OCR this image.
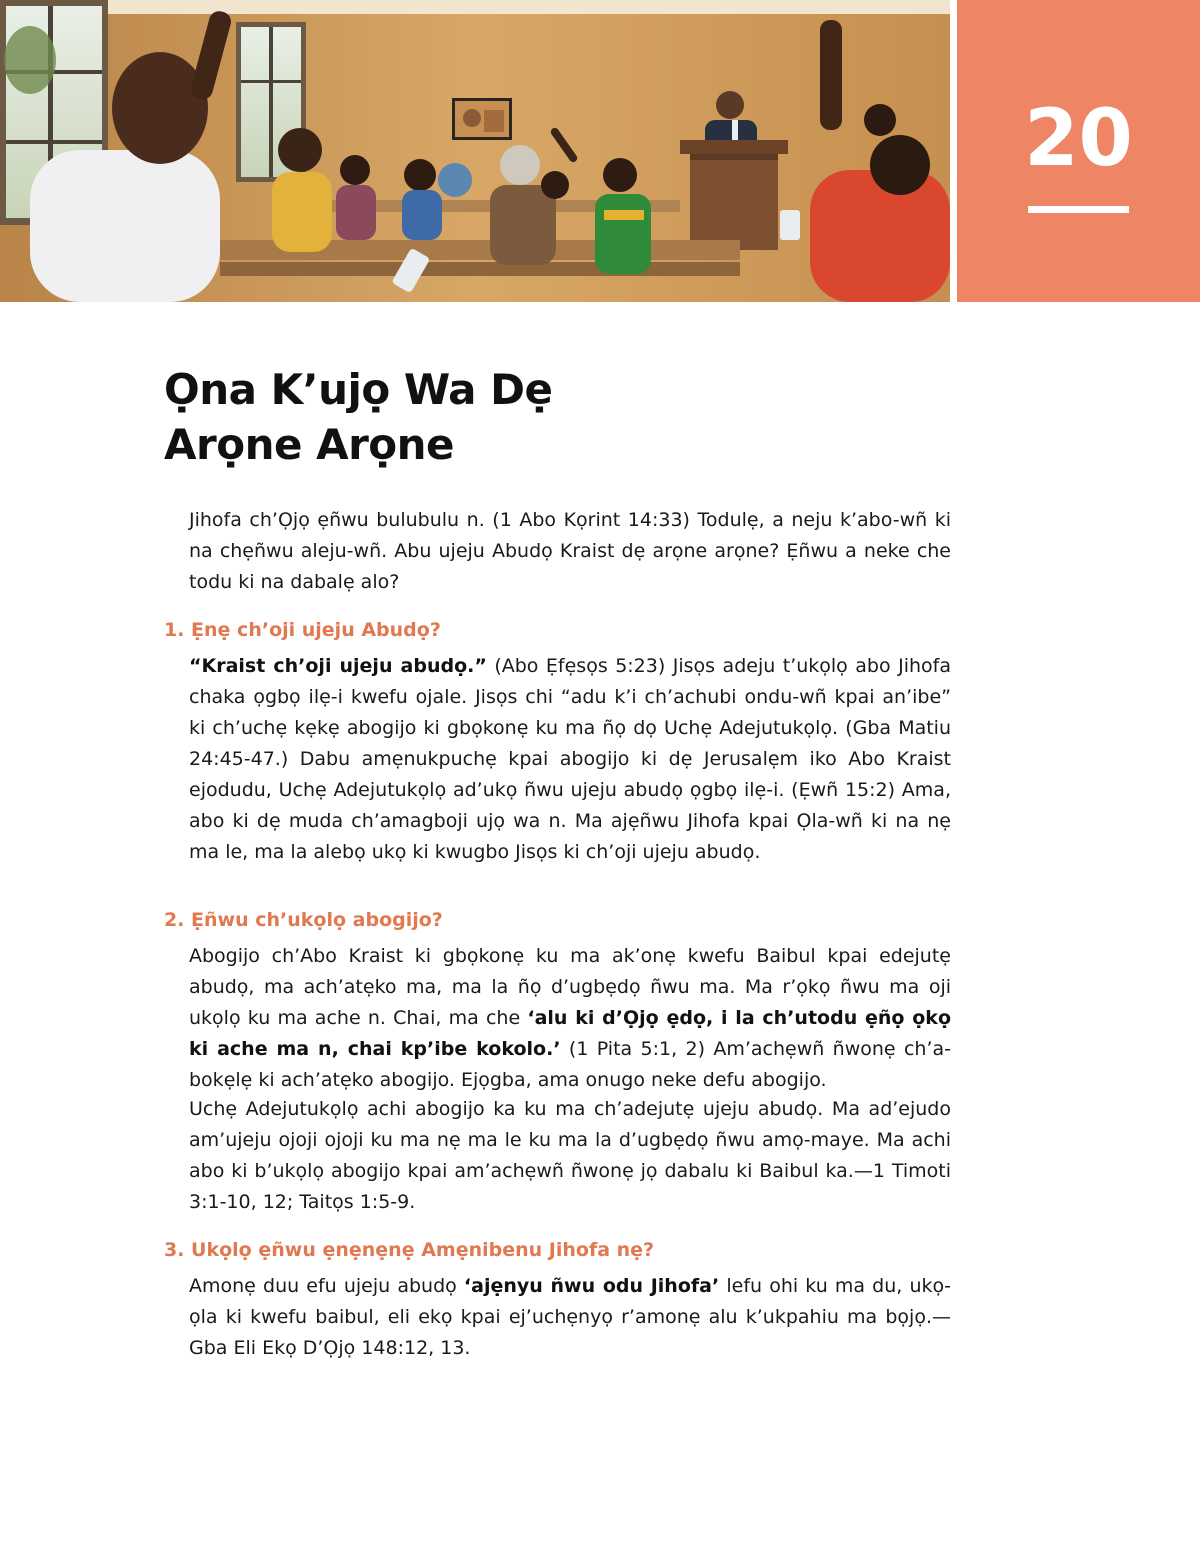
20
Ọna K’ujọ Wa Dẹ
Arọne Arọne

Jihofa ch’Ọjọ ẹñwu bulubulu n. (1 Abo Kọrint 14:33) Todulẹ, a neju k’abo-wñ ki na chẹñwu aleju-wñ. Abu ujeju Abudọ Kraist dẹ arọne arọne? Ẹñwu a neke che todu ki na dabalẹ alo?

1. Ẹnẹ ch’oji ujeju Abudọ?

“Kraist ch’oji ujeju abudọ.” (Abo Ẹfẹsọs 5:23) Jisọs adeju t’ukọlọ abo Jihofa chaka ọgbọ ilẹ-i kwefu ojale. Jisọs chi “adu k’i ch’achubi ondu-wñ kpai an’ibe” ki ch’uchẹ kẹkẹ abogijo ki gbọkonẹ ku ma ñọ dọ Uchẹ Adejutukọlọ. (Gba Matiu 24:45-47.) Dabu amẹnukpuchẹ kpai abogijo ki dẹ Jerusalẹm iko Abo Kraist ejodudu, Uchẹ Adejutukọlọ ad’ukọ ñwu ujeju abudọ ọgbọ ilẹ-i. (Ẹwñ 15:2) Ama, abo ki dẹ muda ch’amagboji ujọ wa n. Ma ajẹñwu Jihofa kpai Ọla-wñ ki na nẹ ma le, ma la alebọ ukọ ki kwugbo Jisọs ki ch’oji ujeju abudọ.

2. Ẹñwu ch’ukọlọ abogijo?

Abogijo ch’Abo Kraist ki gbọkonẹ ku ma ak’onẹ kwefu Baibul kpai edejutẹ abudọ, ma ach’atẹko ma, ma la ñọ d’ugbẹdọ ñwu ma. Ma r’ọkọ ñwu ma oji ukọlọ ku ma ache n. Chai, ma che ‘alu ki d’Ọjọ ẹdọ, i la ch’utodu ẹñọ ọkọ ki ache ma n, chai kp’ibe kokolo.’ (1 Pita 5:1, 2) Am’achẹwñ ñwonẹ ch’a-bokẹlẹ ki ach’atẹko abogijo. Ejọgba, ama onugo neke defu abogijo.

Uchẹ Adejutukọlọ achi abogijo ka ku ma ch’adejutẹ ujeju abudọ. Ma ad’ejudo am’ujeju ojoji ojoji ku ma nẹ ma le ku ma la d’ugbẹdọ ñwu amọ-maye. Ma achi abo ki b’ukọlọ abogijo kpai am’achẹwñ ñwonẹ jọ dabalu ki Baibul ka.—1 Timoti 3:1-10, 12; Taitọs 1:5-9.

3. Ukọlọ ẹñwu ẹnẹnẹnẹ Amẹnibenu Jihofa nẹ?

Amonẹ duu efu ujeju abudọ ‘ajẹnyu ñwu odu Jihofa’ lefu ohi ku ma du, ukọ-ọla ki kwefu baibul, eli ekọ kpai ej’uchẹnyọ r’amonẹ alu k’ukpahiu ma bọjọ.—Gba Eli Ekọ D’Ọjọ 148:12, 13.
